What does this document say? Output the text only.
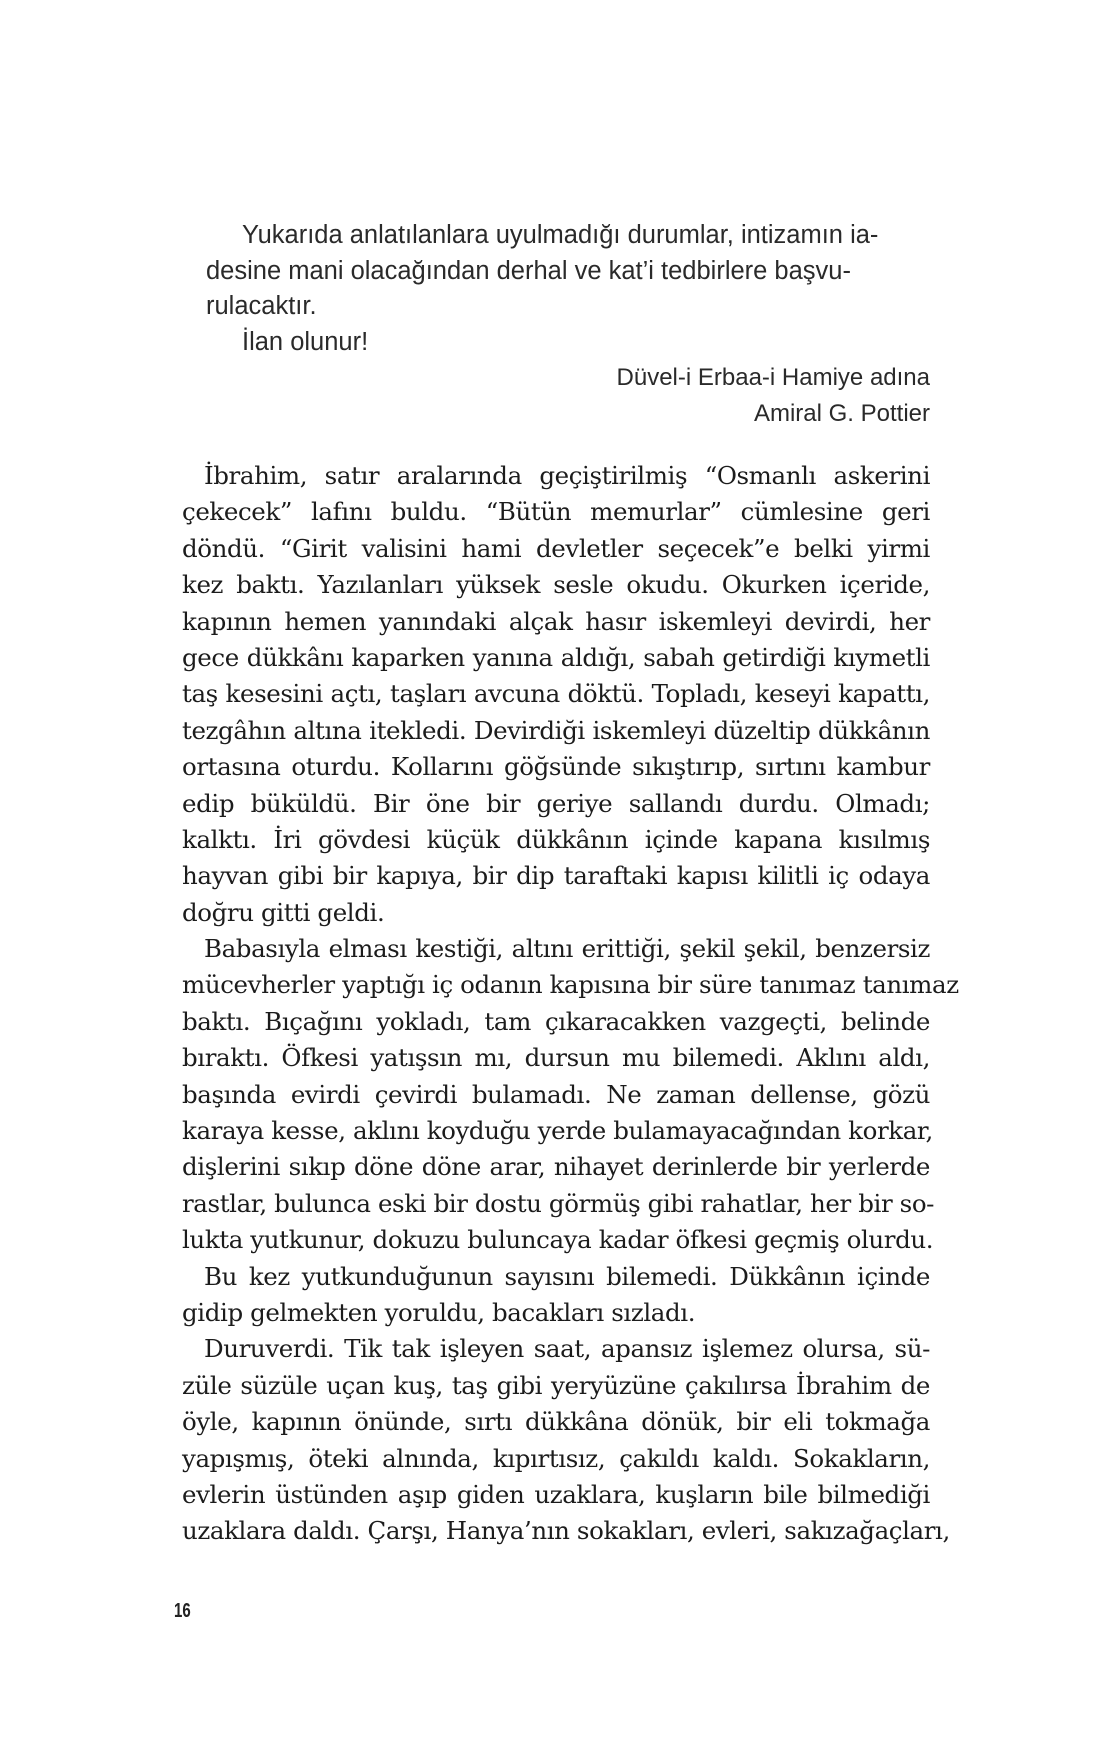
Yukarıda anlatılanlara uyulmadığı durumlar, intizamın ia-

desine mani olacağından derhal ve kat’i tedbirlere başvu-

rulacaktır.

İlan olunur!

Düvel-i Erbaa-i Hamiye adına

Amiral G. Pottier

İbrahim, satır aralarında geçiştirilmiş “Osmanlı askerini
çekecek” lafını buldu. “Bütün memurlar” cümlesine geri
döndü. “Girit valisini hami devletler seçecek”e belki yirmi
kez baktı. Yazılanları yüksek sesle okudu. Okurken içeride,
kapının hemen yanındaki alçak hasır iskemleyi devirdi, her
gece dükkânı kaparken yanına aldığı, sabah getirdiği kıymetli
taş kesesini açtı, taşları avcuna döktü. Topladı, keseyi kapattı,
tezgâhın altına itekledi. Devirdiği iskemleyi düzeltip dükkânın
ortasına oturdu. Kollarını göğsünde sıkıştırıp, sırtını kambur
edip büküldü. Bir öne bir geriye sallandı durdu. Olmadı;
kalktı. İri gövdesi küçük dükkânın içinde kapana kısılmış
hayvan gibi bir kapıya, bir dip taraftaki kapısı kilitli iç odaya
doğru gitti geldi.
Babasıyla elması kestiği, altını erittiği, şekil şekil, benzersiz
mücevherler yaptığı iç odanın kapısına bir süre tanımaz tanımaz
baktı. Bıçağını yokladı, tam çıkaracakken vazgeçti, belinde
bıraktı. Öfkesi yatışsın mı, dursun mu bilemedi. Aklını aldı,
başında evirdi çevirdi bulamadı. Ne zaman dellense, gözü
karaya kesse, aklını koyduğu yerde bulamayacağından korkar,
dişlerini sıkıp döne döne arar, nihayet derinlerde bir yerlerde
rastlar, bulunca eski bir dostu görmüş gibi rahatlar, her bir so-
lukta yutkunur, dokuzu buluncaya kadar öfkesi geçmiş olurdu.
Bu kez yutkunduğunun sayısını bilemedi. Dükkânın içinde
gidip gelmekten yoruldu, bacakları sızladı.
Duruverdi. Tik tak işleyen saat, apansız işlemez olursa, sü-
züle süzüle uçan kuş, taş gibi yeryüzüne çakılırsa İbrahim de
öyle, kapının önünde, sırtı dükkâna dönük, bir eli tokmağa
yapışmış, öteki alnında, kıpırtısız, çakıldı kaldı. Sokakların,
evlerin üstünden aşıp giden uzaklara, kuşların bile bilmediği
uzaklara daldı. Çarşı, Hanya’nın sokakları, evleri, sakızağaçları,
16
